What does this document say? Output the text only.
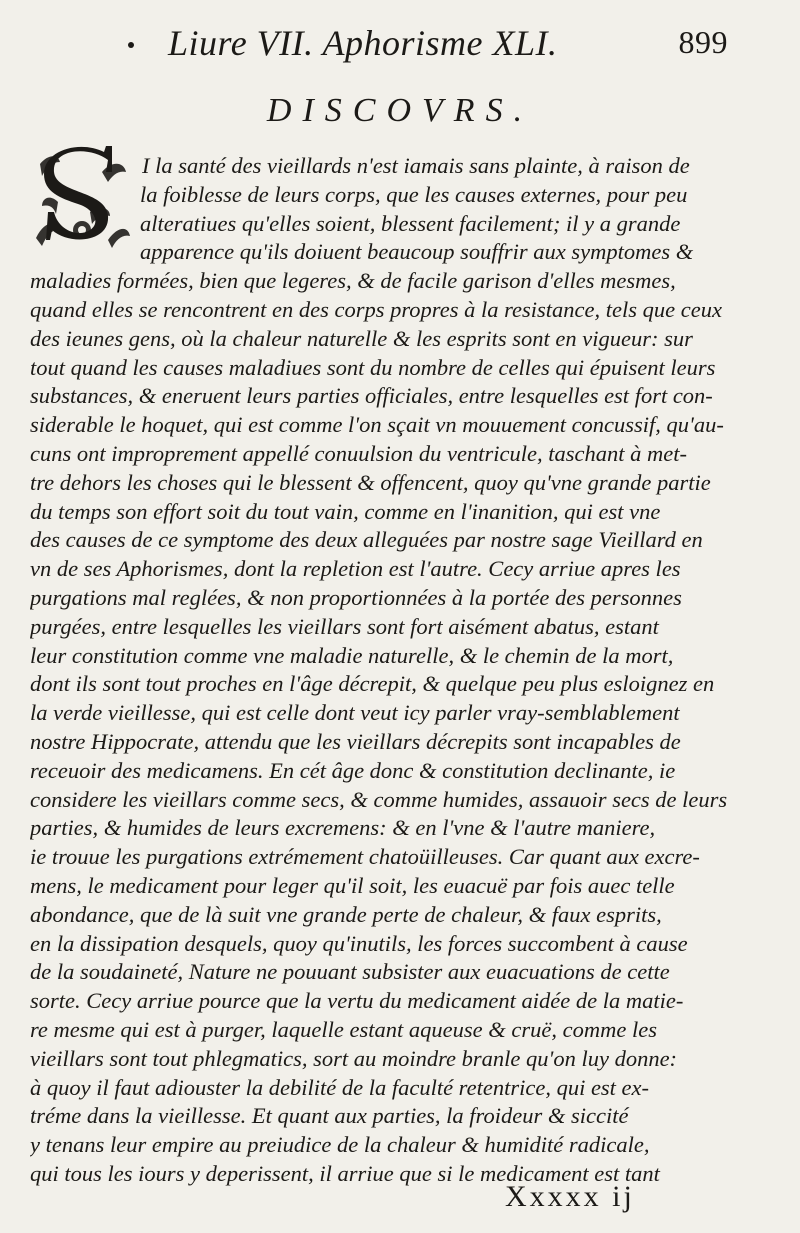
Liure VII. Aphorisme XLI.	899
DISCOVRS.
I la santé des vieillards n'est iamais sans plainte, à raison de
la foiblesse de leurs corps, que les causes externes, pour peu
alteratiues qu'elles soient, blessent facilement; il y a grande
apparence qu'ils doiuent beaucoup souffrir aux symptomes &
maladies formées, bien que legeres, & de facile garison d'elles mesmes,
quand elles se rencontrent en des corps propres à la resistance, tels que ceux
des ieunes gens, où la chaleur naturelle & les esprits sont en vigueur: sur
tout quand les causes maladiues sont du nombre de celles qui épuisent leurs
substances, & eneruent leurs parties officiales, entre lesquelles est fort con-
siderable le hoquet, qui est comme l'on sçait vn mouuement concussif, qu'au-
cuns ont improprement appellé conuulsion du ventricule, taschant à met-
tre dehors les choses qui le blessent & offencent, quoy qu'vne grande partie
du temps son effort soit du tout vain, comme en l'inanition, qui est vne
des causes de ce symptome des deux alleguées par nostre sage Vieillard en
vn de ses Aphorismes, dont la repletion est l'autre. Cecy arriue apres les
purgations mal reglées, & non proportionnées à la portée des personnes
purgées, entre lesquelles les vieillars sont fort aisément abatus, estant
leur constitution comme vne maladie naturelle, & le chemin de la mort,
dont ils sont tout proches en l'âge décrepit, & quelque peu plus esloignez en
la verde vieillesse, qui est celle dont veut icy parler vray-semblablement
nostre Hippocrate, attendu que les vieillars décrepits sont incapables de
receuoir des medicamens. En cét âge donc & constitution declinante, ie
considere les vieillars comme secs, & comme humides, assauoir secs de leurs
parties, & humides de leurs excremens: & en l'vne & l'autre maniere,
ie trouue les purgations extrémement chatoüilleuses. Car quant aux excre-
mens, le medicament pour leger qu'il soit, les euacuë par fois auec telle
abondance, que de là suit vne grande perte de chaleur, & faux esprits,
en la dissipation desquels, quoy qu'inutils, les forces succombent à cause
de la soudaineté, Nature ne pouuant subsister aux euacuations de cette
sorte. Cecy arriue pource que la vertu du medicament aidée de la matie-
re mesme qui est à purger, laquelle estant aqueuse & cruë, comme les
vieillars sont tout phlegmatics, sort au moindre branle qu'on luy donne:
à quoy il faut adiouster la debilité de la faculté retentrice, qui est ex-
tréme dans la vieillesse. Et quant aux parties, la froideur & siccité
y tenans leur empire au preiudice de la chaleur & humidité radicale,
qui tous les iours y deperissent, il arriue que si le medicament est tant
Xxxxx ij
